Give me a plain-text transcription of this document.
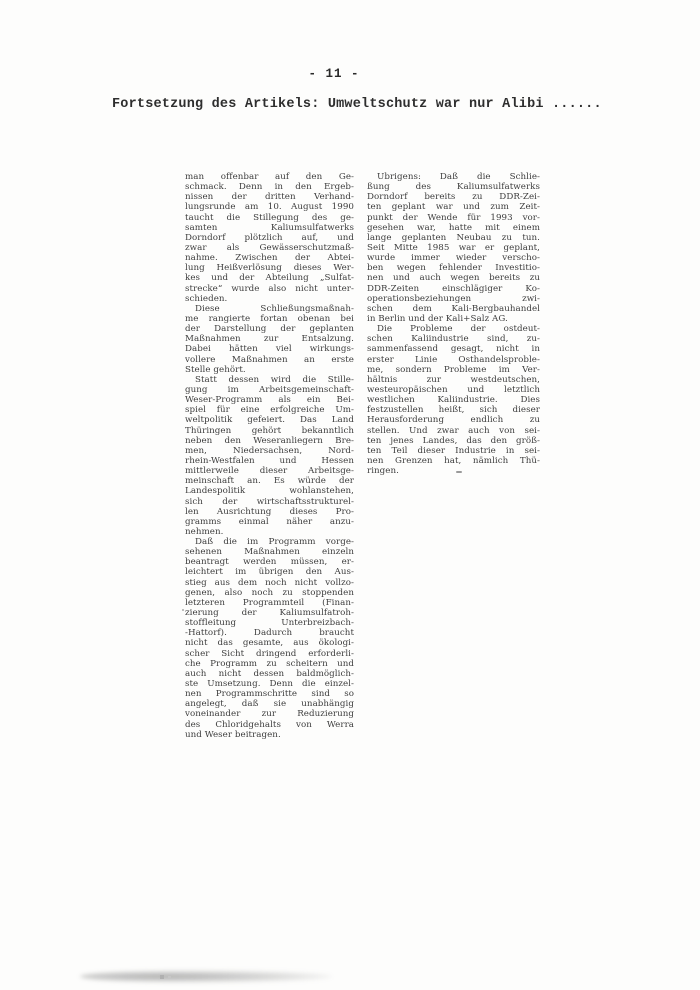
- 11 -
Fortsetzung des Artikels: Umweltschutz war nur Alibi ......
man offenbar auf den Ge-
schmack. Denn in den Ergeb-
nissen der dritten Verhand-
lungsrunde am 10. August 1990
taucht die Stillegung des ge-
samten Kaliumsulfatwerks
Dorndorf plötzlich auf, und
zwar als Gewässerschutzmaß-
nahme. Zwischen der Abtei-
lung Heißverlösung dieses Wer-
kes und der Abteilung „Sulfat-
strecke“ wurde also nicht unter-
schieden.
Diese Schließungsmaßnah-
me rangierte fortan obenan bei
der Darstellung der geplanten
Maßnahmen zur Entsalzung.
Dabei hätten viel wirkungs-
vollere Maßnahmen an erste
Stelle gehört.
Statt dessen wird die Stille-
gung im Arbeitsgemeinschaft-
Weser-Programm als ein Bei-
spiel für eine erfolgreiche Um-
weltpolitik gefeiert. Das Land
Thüringen gehört bekanntlich
neben den Weseranliegern Bre-
men, Niedersachsen, Nord-
rhein-Westfalen und Hessen
mittlerweile dieser Arbeitsge-
meinschaft an. Es würde der
Landespolitik wohlanstehen,
sich der wirtschaftsstrukturel-
len Ausrichtung dieses Pro-
gramms einmal näher anzu-
nehmen.
Daß die im Programm vorge-
sehenen Maßnahmen einzeln
beantragt werden müssen, er-
leichtert im übrigen den Aus-
stieg aus dem noch nicht vollzo-
genen, also noch zu stoppenden
letzteren Programmteil (Finan-
zierung der Kaliumsulfatroh-
stoffleitung Unterbreizbach-
-Hattorf). Dadurch braucht
nicht das gesamte, aus ökologi-
scher Sicht dringend erforderli-
che Programm zu scheitern und
auch nicht dessen baldmöglich-
ste Umsetzung. Denn die einzel-
nen Programmschritte sind so
angelegt, daß sie unabhängig
voneinander zur Reduzierung
des Chloridgehalts von Werra
und Weser beitragen.
Übrigens: Daß die Schlie-
ßung des Kaliumsulfatwerks
Dorndorf bereits zu DDR-Zei-
ten geplant war und zum Zeit-
punkt der Wende für 1993 vor-
gesehen war, hatte mit einem
lange geplanten Neubau zu tun.
Seit Mitte 1985 war er geplant,
wurde immer wieder verscho-
ben wegen fehlender Investitio-
nen und auch wegen bereits zu
DDR-Zeiten einschlägiger Ko-
operationsbeziehungen zwi-
schen dem Kali-Bergbauhandel
in Berlin und der Kali+Salz AG.
Die Probleme der ostdeut-
schen Kaliindustrie sind, zu-
sammenfassend gesagt, nicht in
erster Linie Osthandelsproble-
me, sondern Probleme im Ver-
hältnis zur westdeutschen,
westeuropäischen und letztlich
westlichen Kaliindustrie. Dies
festzustellen heißt, sich dieser
Herausforderung endlich zu
stellen. Und zwar auch von sei-
ten jenes Landes, das den größ-
ten Teil dieser Industrie in sei-
nen Grenzen hat, nämlich Thü-
ringen.
